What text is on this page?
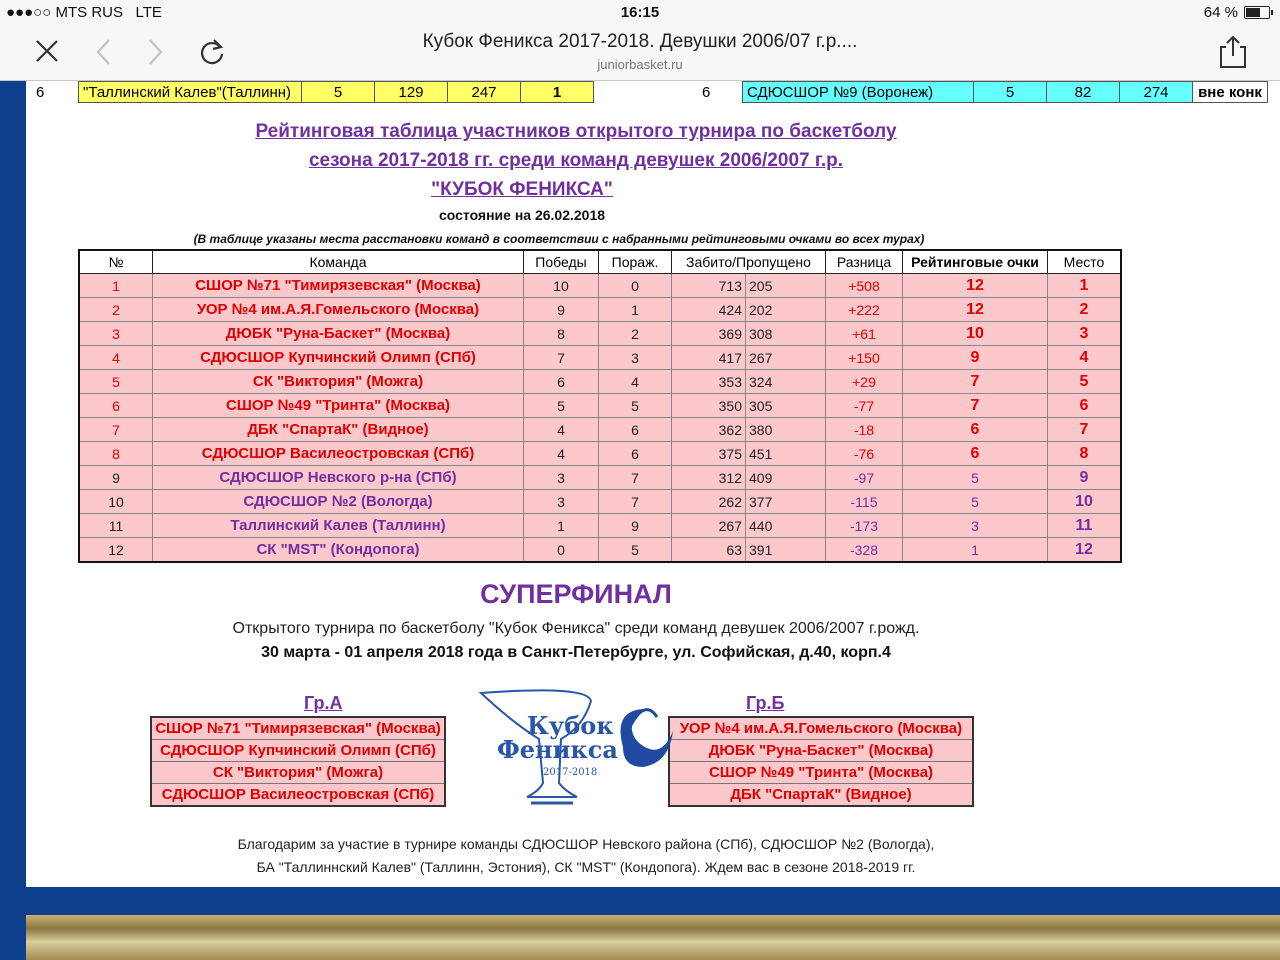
●●●○○ MTS RUS LTE	16:15	64 %
Кубок Феникса 2017-2018. Девушки 2006/07 г.р....
juniorbasket.ru
6	"Таллинский Калев"(Таллинн)	5	129	247	1	6 СДЮСШОР №9 (Воронеж)	5	82	274	вне конк
Рейтинговая таблица участников открытого турнира по баскетболу
сезона 2017-2018 гг. среди команд девушек 2006/2007 г.р.
"КУБОК ФЕНИКСА"
состояние на 26.02.2018
(В таблице указаны места расстановки команд в соответствии с набранными рейтинговыми очками во всех турах)
№	Команда	Победы	Пораж.	Забито/Пропущено		Разница	Рейтинговые очки	Место
1	СШОР №71 "Тимирязевская" (Москва)	10	0	713	205	+508	12	1
2	УОР №4 им.А.Я.Гомельского (Москва)	9	1	424	202	+222	12	2
3	ДЮБК "Руна-Баскет" (Москва)	8	2	369	308	+61	10	3
4	СДЮСШОР Купчинский Олимп (СПб)	7	3	417	267	+150	9	4
5	СК "Виктория" (Можга)	6	4	353	324	+29	7	5
6	СШОР №49 "Тринта" (Москва)	5	5	350	305	-77	7	6
7	ДБК "СпартаК" (Видное)	4	6	362	380	-18	6	7
8	СДЮСШОР Василеостровская (СПб)	4	6	375	451	-76	6	8
9	СДЮСШОР Невского р-на (СПб)	3	7	312	409	-97	5	9
10	СДЮСШОР №2 (Вологда)	3	7	262	377	-115	5	10
11	Таллинский Калев (Таллинн)	1	9	267	440	-173	3	11
12	СК "MST" (Кондопога)	0	5	63	391	-328	1	12
СУПЕРФИНАЛ
Открытого турнира по баскетболу "Кубок Феникса" среди команд девушек 2006/2007 г.рожд.
30 марта - 01 апреля 2018 года в Санкт-Петербурге, ул. Софийская, д.40, корп.4
Гр.А
СШОР №71 "Тимирязевская" (Москва)
СДЮСШОР Купчинский Олимп (СПб)
СК "Виктория" (Можга)
СДЮСШОР Василеостровская (СПб)
Гр.Б
УОР №4 им.А.Я.Гомельского (Москва)
ДЮБК "Руна-Баскет" (Москва)
СШОР №49 "Тринта" (Москва)
ДБК "СпартаК" (Видное)
Кубок
Феникса
2017-2018
Благодарим за участие в турнире команды СДЮСШОР Невского района (СПб), СДЮСШОР №2 (Вологда),
БА "Таллиннский Калев" (Таллинн, Эстония), СК "MST" (Кондопога). Ждем вас в сезоне 2018-2019 гг.
